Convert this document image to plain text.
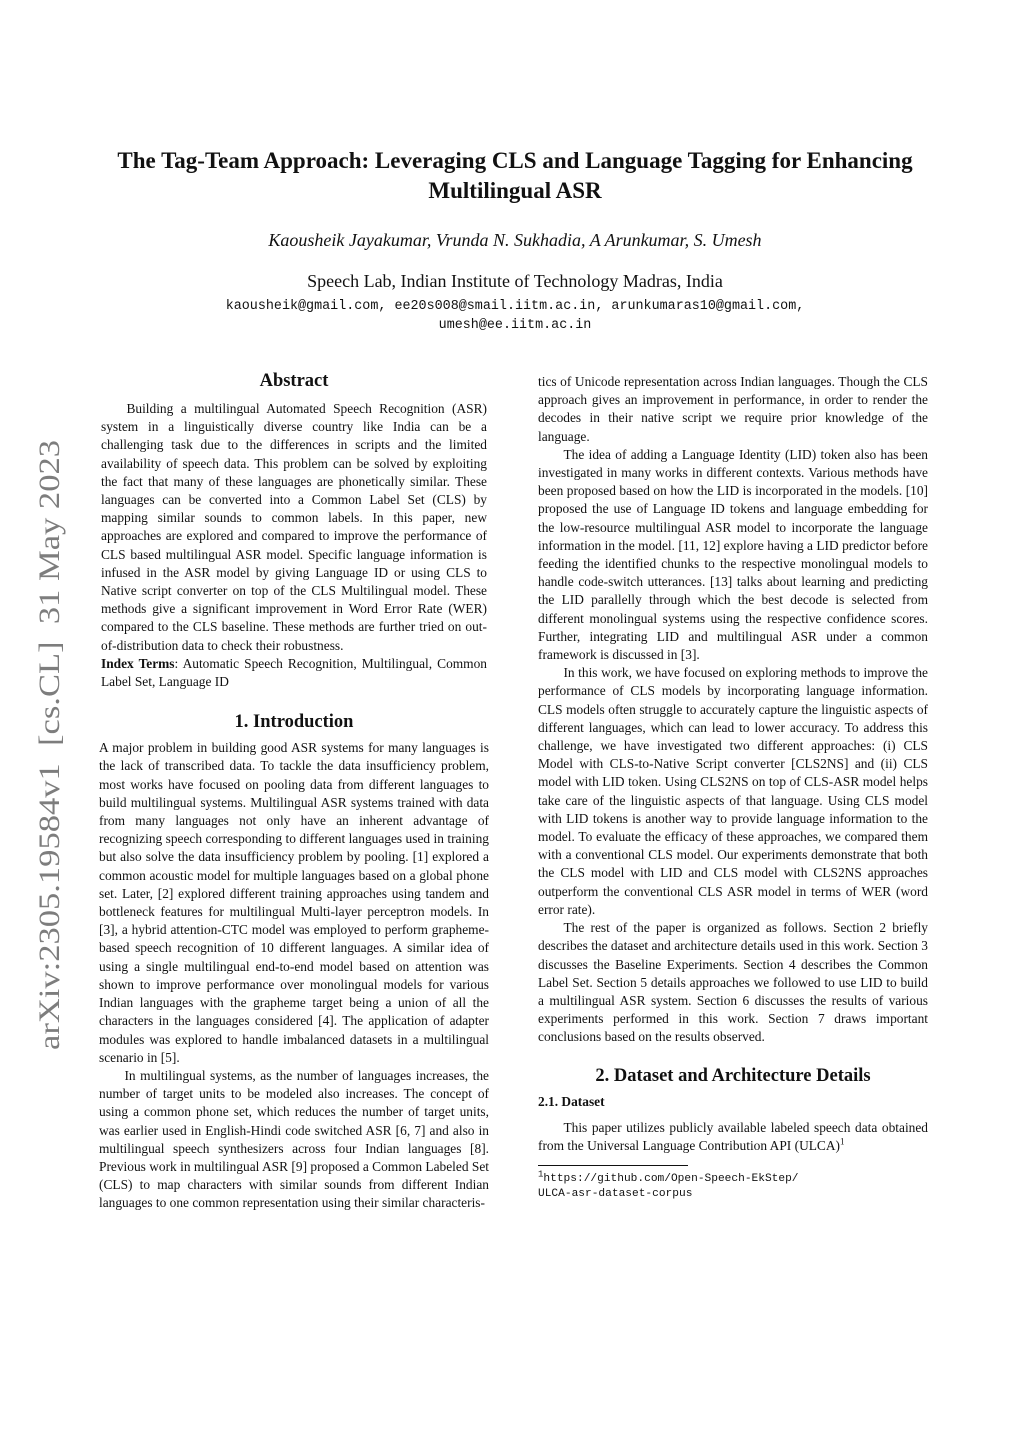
arXiv:2305.19584v1  [cs.CL]  31 May 2023
The Tag-Team Approach: Leveraging CLS and Language Tagging for Enhancing Multilingual ASR
Kaousheik Jayakumar, Vrunda N. Sukhadia, A Arunkumar, S. Umesh
Speech Lab, Indian Institute of Technology Madras, India
kaousheik@gmail.com, ee20s008@smail.iitm.ac.in, arunkumaras10@gmail.com,
umesh@ee.iitm.ac.in
Abstract

Building a multilingual Automated Speech Recognition (ASR) system in a linguistically diverse country like India can be a challenging task due to the differences in scripts and the limited availability of speech data. This problem can be solved by exploiting the fact that many of these languages are phonetically similar. These languages can be converted into a Common Label Set (CLS) by mapping similar sounds to common labels. In this paper, new approaches are explored and compared to improve the performance of CLS based multilingual ASR model. Specific language information is infused in the ASR model by giving Language ID or using CLS to Native script converter on top of the CLS Multilingual model. These methods give a significant improvement in Word Error Rate (WER) compared to the CLS baseline. These methods are further tried on out-of-distribution data to check their robustness.

Index Terms: Automatic Speech Recognition, Multilingual, Common Label Set, Language ID

1. Introduction

A major problem in building good ASR systems for many languages is the lack of transcribed data. To tackle the data insufficiency problem, most works have focused on pooling data from different languages to build multilingual systems. Multilingual ASR systems trained with data from many languages not only have an inherent advantage of recognizing speech corresponding to different languages used in training but also solve the data insufficiency problem by pooling. [1] explored a common acoustic model for multiple languages based on a global phone set. Later, [2] explored different training approaches using tandem and bottleneck features for multilingual Multi-layer perceptron models. In [3], a hybrid attention-CTC model was employed to perform grapheme-based speech recognition of 10 different languages. A similar idea of using a single multilingual end-to-end model based on attention was shown to improve performance over monolingual models for various Indian languages with the grapheme target being a union of all the characters in the languages considered [4]. The application of adapter modules was explored to handle imbalanced datasets in a multilingual scenario in [5].

In multilingual systems, as the number of languages increases, the number of target units to be modeled also increases. The concept of using a common phone set, which reduces the number of target units, was earlier used in English-Hindi code switched ASR [6, 7] and also in multilingual speech synthesizers across four Indian languages [8]. Previous work in multilingual ASR [9] proposed a Common Labeled Set (CLS) to map characters with similar sounds from different Indian languages to one common representation using their similar characteris-

tics of Unicode representation across Indian languages. Though the CLS approach gives an improvement in performance, in order to render the decodes in their native script we require prior knowledge of the language.

The idea of adding a Language Identity (LID) token also has been investigated in many works in different contexts. Various methods have been proposed based on how the LID is incorporated in the models. [10] proposed the use of Language ID tokens and language embedding for the low-resource multilingual ASR model to incorporate the language information in the model. [11, 12] explore having a LID predictor before feeding the identified chunks to the respective monolingual models to handle code-switch utterances. [13] talks about learning and predicting the LID parallelly through which the best decode is selected from different monolingual systems using the respective confidence scores. Further, integrating LID and multilingual ASR under a common framework is discussed in [3].

In this work, we have focused on exploring methods to improve the performance of CLS models by incorporating language information. CLS models often struggle to accurately capture the linguistic aspects of different languages, which can lead to lower accuracy. To address this challenge, we have investigated two different approaches: (i) CLS Model with CLS-to-Native Script converter [CLS2NS] and (ii) CLS model with LID token. Using CLS2NS on top of CLS-ASR model helps take care of the linguistic aspects of that language. Using CLS model with LID tokens is another way to provide language information to the model. To evaluate the efficacy of these approaches, we compared them with a conventional CLS model. Our experiments demonstrate that both the CLS model with LID and CLS model with CLS2NS approaches outperform the conventional CLS ASR model in terms of WER (word error rate).

The rest of the paper is organized as follows. Section 2 briefly describes the dataset and architecture details used in this work. Section 3 discusses the Baseline Experiments. Section 4 describes the Common Label Set. Section 5 details approaches we followed to use LID to build a multilingual ASR system. Section 6 discusses the results of various experiments performed in this work. Section 7 draws important conclusions based on the results observed.

2. Dataset and Architecture Details
2.1. Dataset

This paper utilizes publicly available labeled speech data obtained from the Universal Language Contribution API (ULCA)$^1$

$^1$https://github.com/Open-Speech-EkStep/
ULCA-asr-dataset-corpus
